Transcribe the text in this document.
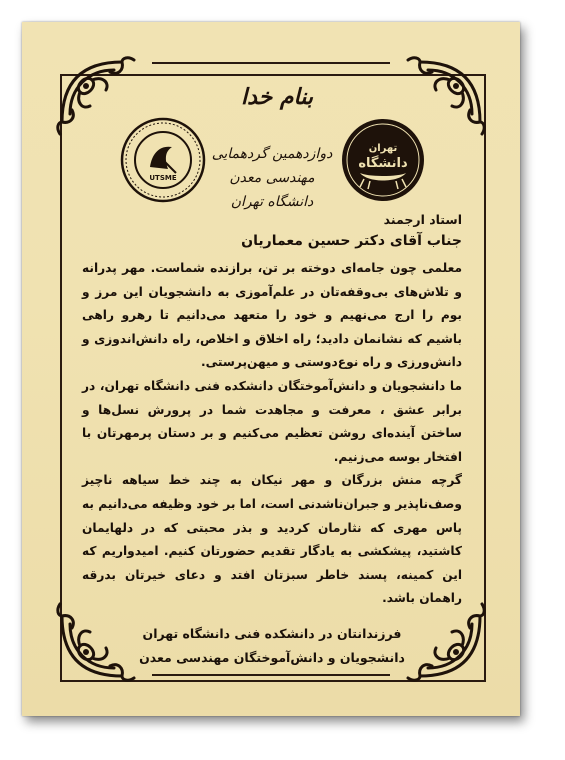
UTSME
تهران
دانشگاه
بنام خدا
دوازدهمین گردهمایی
مهندسی معدن دانشگاه تهران
استاد ارجمند
جناب آقای دکتر حسین معماریان

معلمی چون جامه‌ای دوخته بر تن، برازنده شماست. مهر پدرانه و تلاش‌های بی‌وقفه‌تان در علم‌آموزی به دانشجویان این مرز و بوم را ارج می‌نهیم و خود را متعهد می‌دانیم تا رهرو راهی باشیم که نشانمان دادید؛ راه اخلاق و اخلاص، راه دانش‌اندوزی و دانش‌ورزی و راه نوع‌دوستی و میهن‌پرستی.

ما دانشجویان و دانش‌آموختگان دانشکده فنی دانشگاه تهران، در برابر عشق ، معرفت و مجاهدت شما در پرورش نسل‌ها و ساختن آینده‌ای روشن تعظیم می‌کنیم و بر دستان پرمهرتان با افتخار بوسه می‌زنیم.

گرچه منش بزرگان و مهر نیکان به چند خط سیاهه ناچیز وصف‌ناپذیر و جبران‌ناشدنی است، اما بر خود وظیفه می‌دانیم به پاس مهری که نثارمان کردید و بذر محبتی که در دلهایمان کاشتید، پیشکشی به یادگار تقدیم حضورتان کنیم. امیدواریم که این کمینه، پسند خاطر سبزتان افتد و دعای خیرتان بدرقه راهمان باشد.

فرزندانتان در دانشکده فنی دانشگاه تهران
دانشجویان و دانش‌آموختگان مهندسی معدن
